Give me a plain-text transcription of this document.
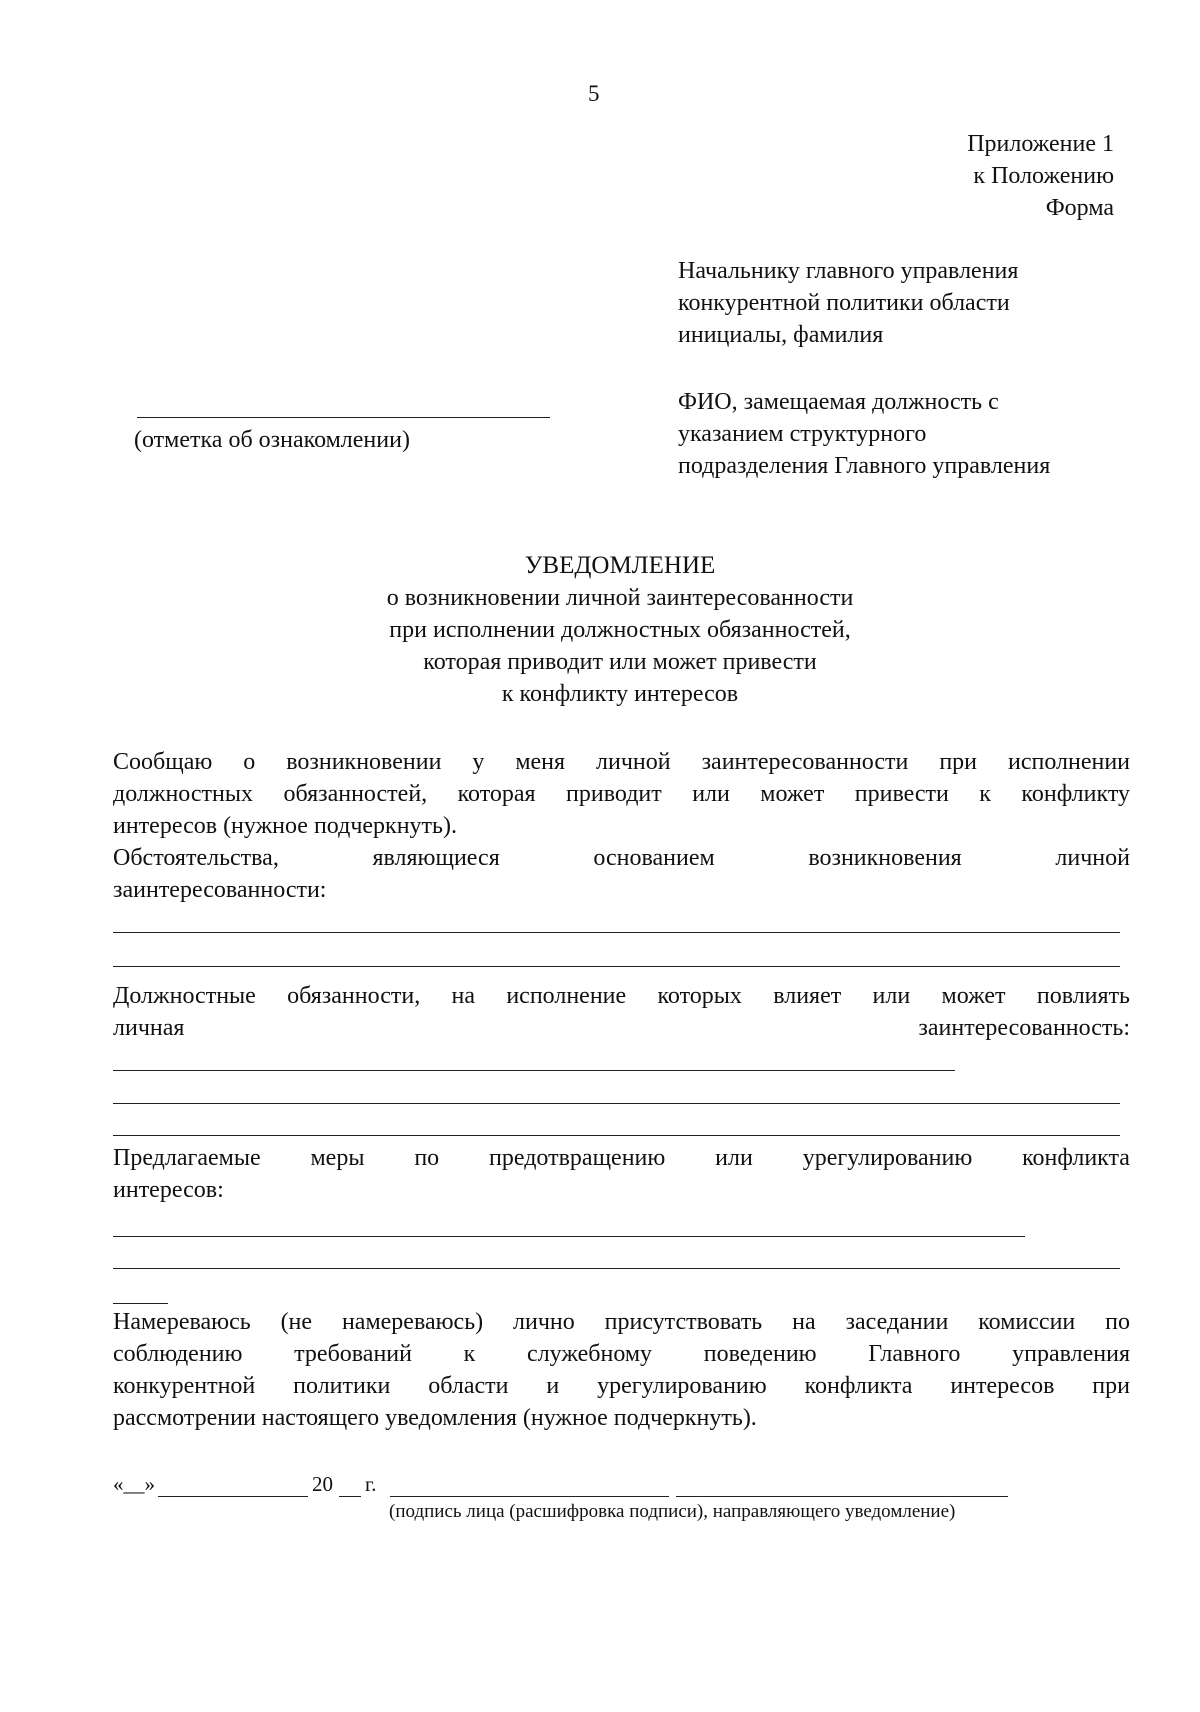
5
Приложение 1
к Положению
Форма
Начальнику главного управления
конкурентной политики области
инициалы, фамилия
ФИО, замещаемая должность с
указанием структурного
подразделения Главного управления
(отметка об ознакомлении)
УВЕДОМЛЕНИЕ
о возникновении личной заинтересованности
при исполнении должностных обязанностей,
которая приводит или может привести
к конфликту интересов
Сообщаю о возникновении у меня личной заинтересованности при исполнении
должностных обязанностей, которая приводит или может привести к конфликту
интересов (нужное подчеркнуть).
Обстоятельства,	являющиеся	основанием	возникновения	личной
заинтересованности:
Должностные обязанности, на исполнение которых влияет или может повлиять
личная	заинтересованность:
Предлагаемые меры по предотвращению или урегулированию конфликта
интересов:
Намереваюсь (не намереваюсь) лично присутствовать на заседании комиссии по
соблюдению требований к служебному поведению Главного управления
конкурентной политики области и урегулированию конфликта интересов при
рассмотрении настоящего уведомления (нужное подчеркнуть).
«__»	20 г.
(подпись лица (расшифровка подписи), направляющего уведомление)
